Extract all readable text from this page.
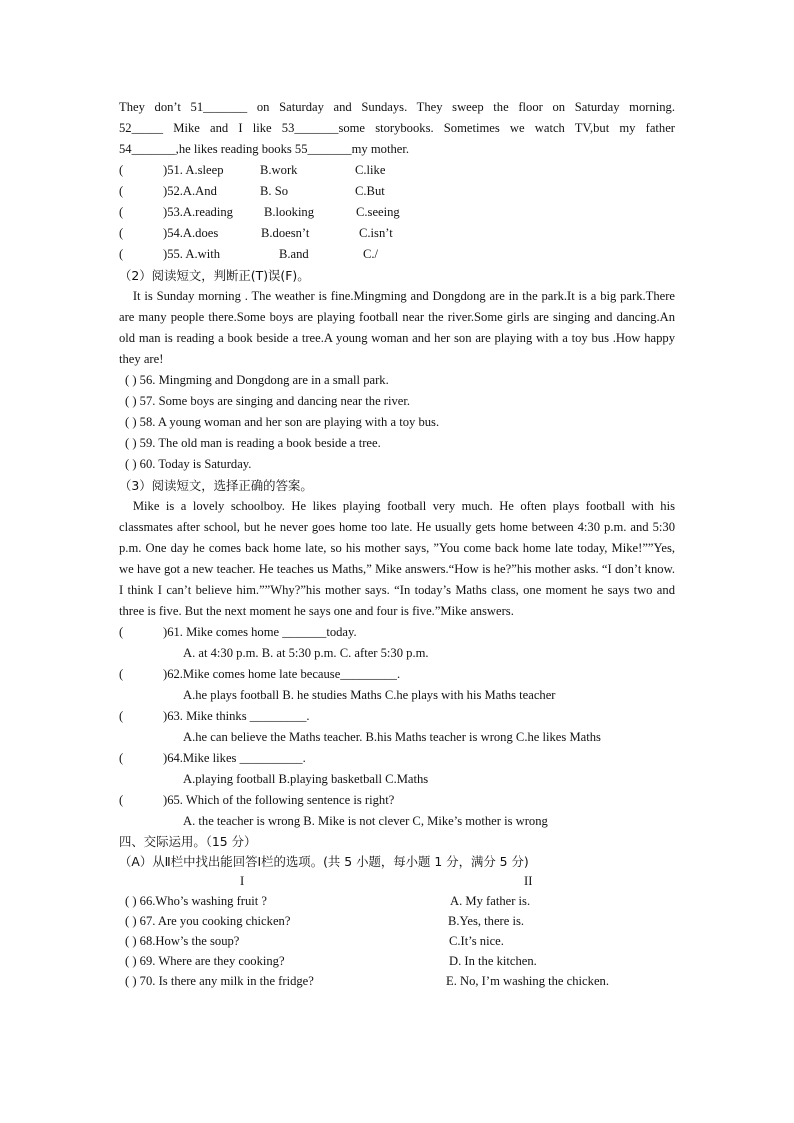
They don’t 51_______ on Saturday and Sundays. They sweep the floor on Saturday morning.
52_____ Mike and I like 53_______some storybooks. Sometimes we watch TV,but my father
54_______,he likes reading books 55_______my mother.
(	)51. A.sleep	B.work	C.like
(	)52.A.And	B. So	C.But
(	)53.A.reading B.looking	C.seeing
(	)54.A.does	B.doesn’t	C.isn’t
(	)55. A.with	B.and	C./
（2）阅读短文，判断正(T)误(F)。
It is Sunday morning . The weather is fine.Mingming and Dongdong are in the park.It is a big park.There are many people there.Some boys are playing football near the river.Some girls are singing and dancing.An old man is reading a book beside a tree.A young woman and her son are playing with a toy bus .How happy they are!
( ) 56. Mingming and Dongdong are in a small park.
( ) 57. Some boys are singing and dancing near the river.
( ) 58. A young woman and her son are playing with a toy bus.
( ) 59. The old man is reading a book beside a tree.
( ) 60. Today is Saturday.
（3）阅读短文，选择正确的答案。
Mike is a lovely schoolboy. He likes playing football very much. He often plays football with his classmates after school, but he never goes home too late. He usually gets home between 4:30 p.m. and 5:30 p.m. One day he comes back home late, so his mother says, ”You come back home late today, Mike!””Yes, we have got a new teacher. He teaches us Maths,” Mike answers.“How is he?”his mother asks. “I don’t know. I think I can’t believe him.””Why?”his mother says. “In today’s Maths class, one moment he says two and three is five. But the next moment he says one and four is five.”Mike answers.
(	)61. Mike comes home _______today.
A. at 4:30 p.m. B. at 5:30 p.m. C. after 5:30 p.m.
(	)62.Mike comes home late because_________.
A.he plays football B. he studies Maths C.he plays with his Maths teacher
(	)63. Mike thinks _________.
A.he can believe the Maths teacher. B.his Maths teacher is wrong C.he likes Maths
(	)64.Mike likes __________.
A.playing football B.playing basketball C.Maths
(	)65. Which of the following sentence is right?
A. the teacher is wrong B. Mike is not clever C, Mike’s mother is wrong
四、交际运用。（15 分）
（A）从Ⅱ栏中找出能回答Ⅰ栏的选项。(共 5 小题，每小题 1 分，满分 5 分)
I	II
( ) 66.Who’s washing fruit ?	A. My father is.
( ) 67. Are you cooking chicken?	B.Yes, there is.
( ) 68.How’s the soup?	C.It’s nice.
( ) 69. Where are they cooking?	D. In the kitchen.
( ) 70. Is there any milk in the fridge?	E. No, I’m washing the chicken.
